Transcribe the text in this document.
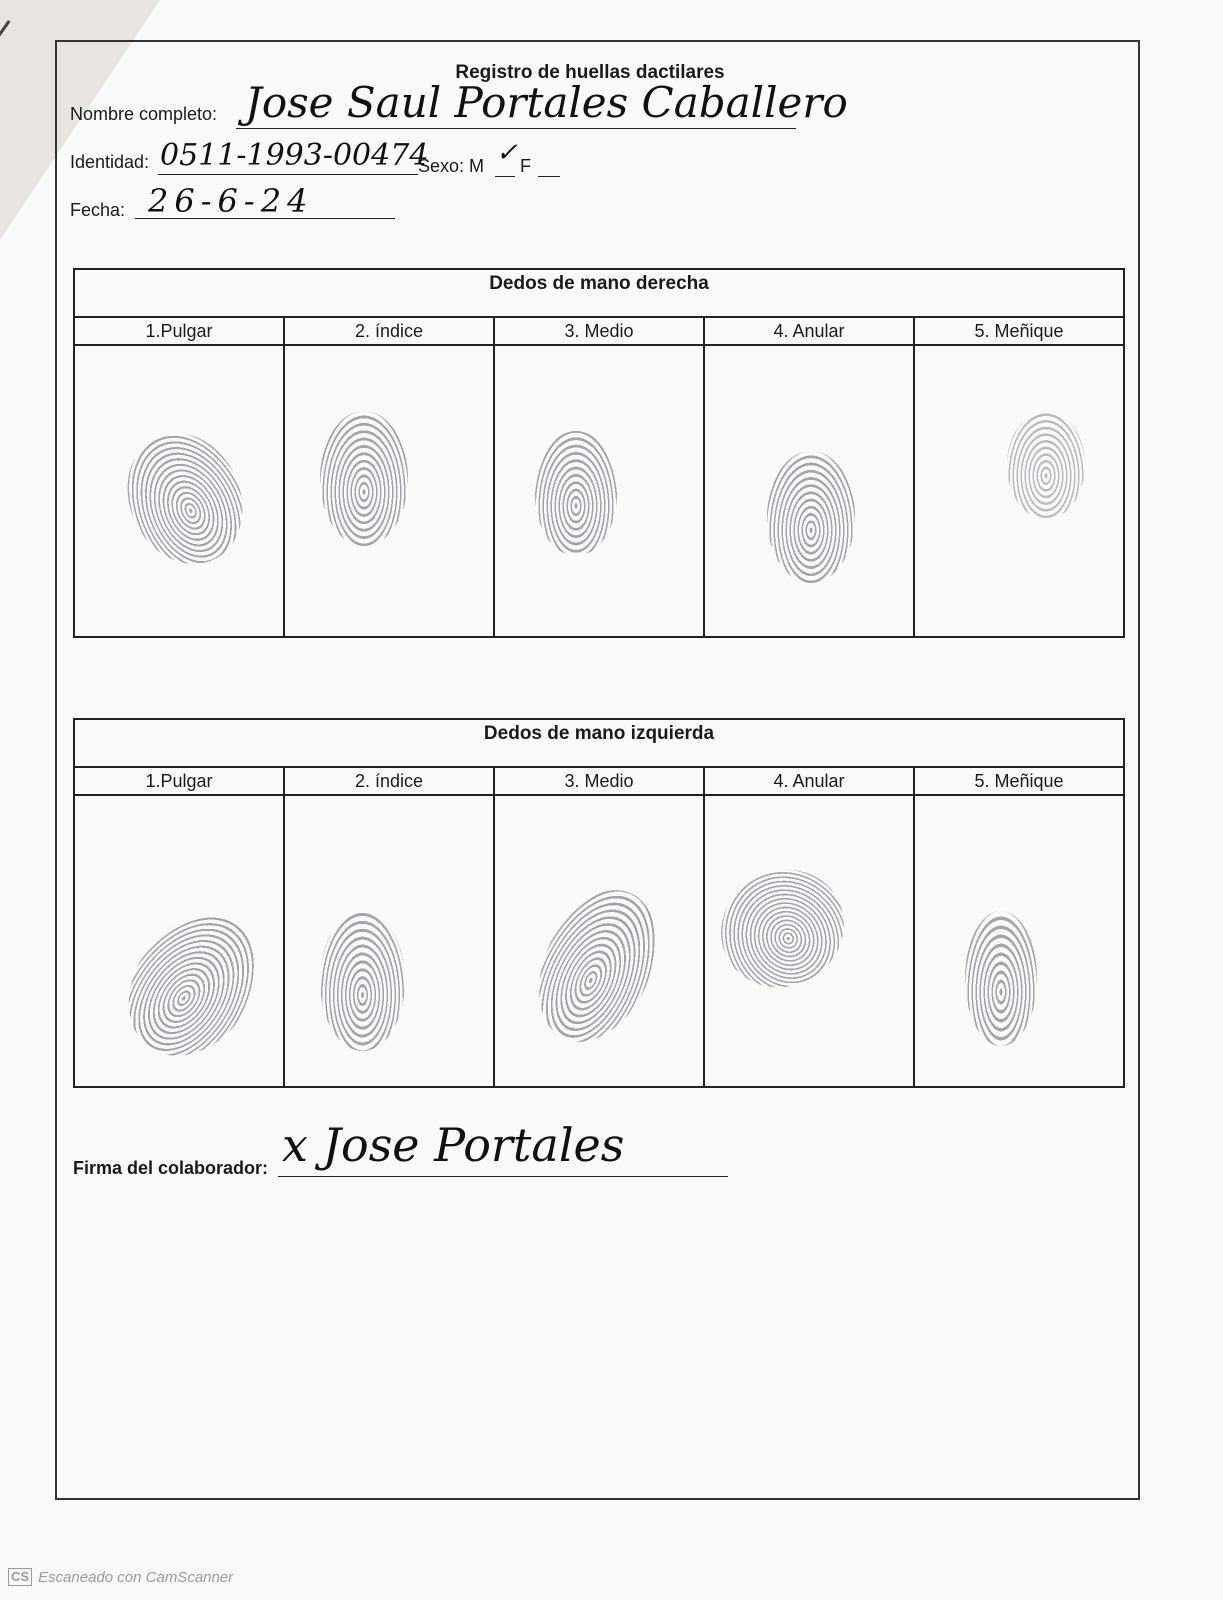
Registro de huellas dactilares
Nombre completo: Jose Saul Portales Caballero
Identidad: 0511-1993-00474
Sexo: M ✓ F
Fecha: 26-6-24
Dedos de mano derecha
1.Pulgar	2. índice	3. Medio	4. Anular	5. Meñique
Dedos de mano izquierda
1.Pulgar	2. índice	3. Medio	4. Anular	5. Meñique
Firma del colaborador: x Jose Portales
CS Escaneado con CamScanner
